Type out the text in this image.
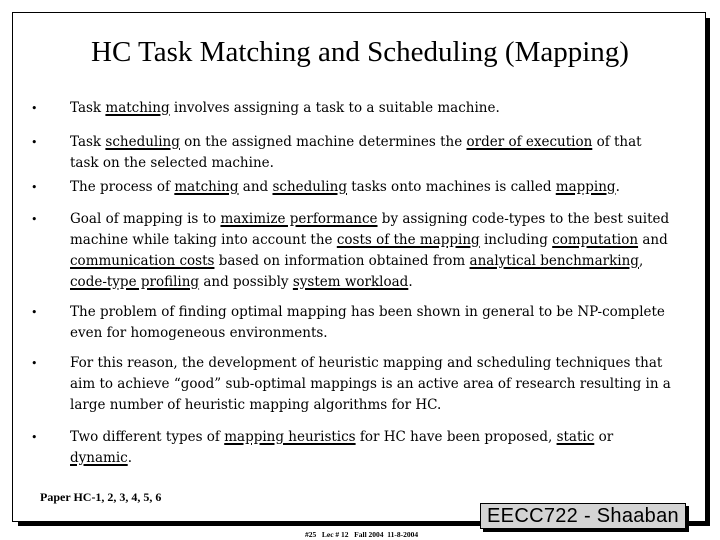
HC Task Matching and Scheduling (Mapping)
•	Task matching involves assigning a task to a suitable machine.
•	Task scheduling on the assigned machine determines the order of execution of that task on the selected machine.
•	The process of matching and scheduling tasks onto machines is called mapping.
•	Goal of mapping is to maximize performance by assigning code-types to the best suited machine while taking into account the costs of the mapping including computation and communication costs based on information obtained from analytical benchmarking, code-type profiling and possibly system workload.
•	The problem of finding optimal mapping has been shown in general to be NP-complete even for homogeneous environments.
•	For this reason, the development of heuristic mapping and scheduling techniques that aim to achieve “good” sub-optimal mappings is an active area of research resulting in a large number of heuristic mapping algorithms for HC.
•	Two different types of mapping heuristics for HC have been proposed, static or dynamic.
Paper HC-1, 2, 3, 4, 5, 6
EECC722 - Shaaban
#25   Lec # 12   Fall 2004  11-8-2004
